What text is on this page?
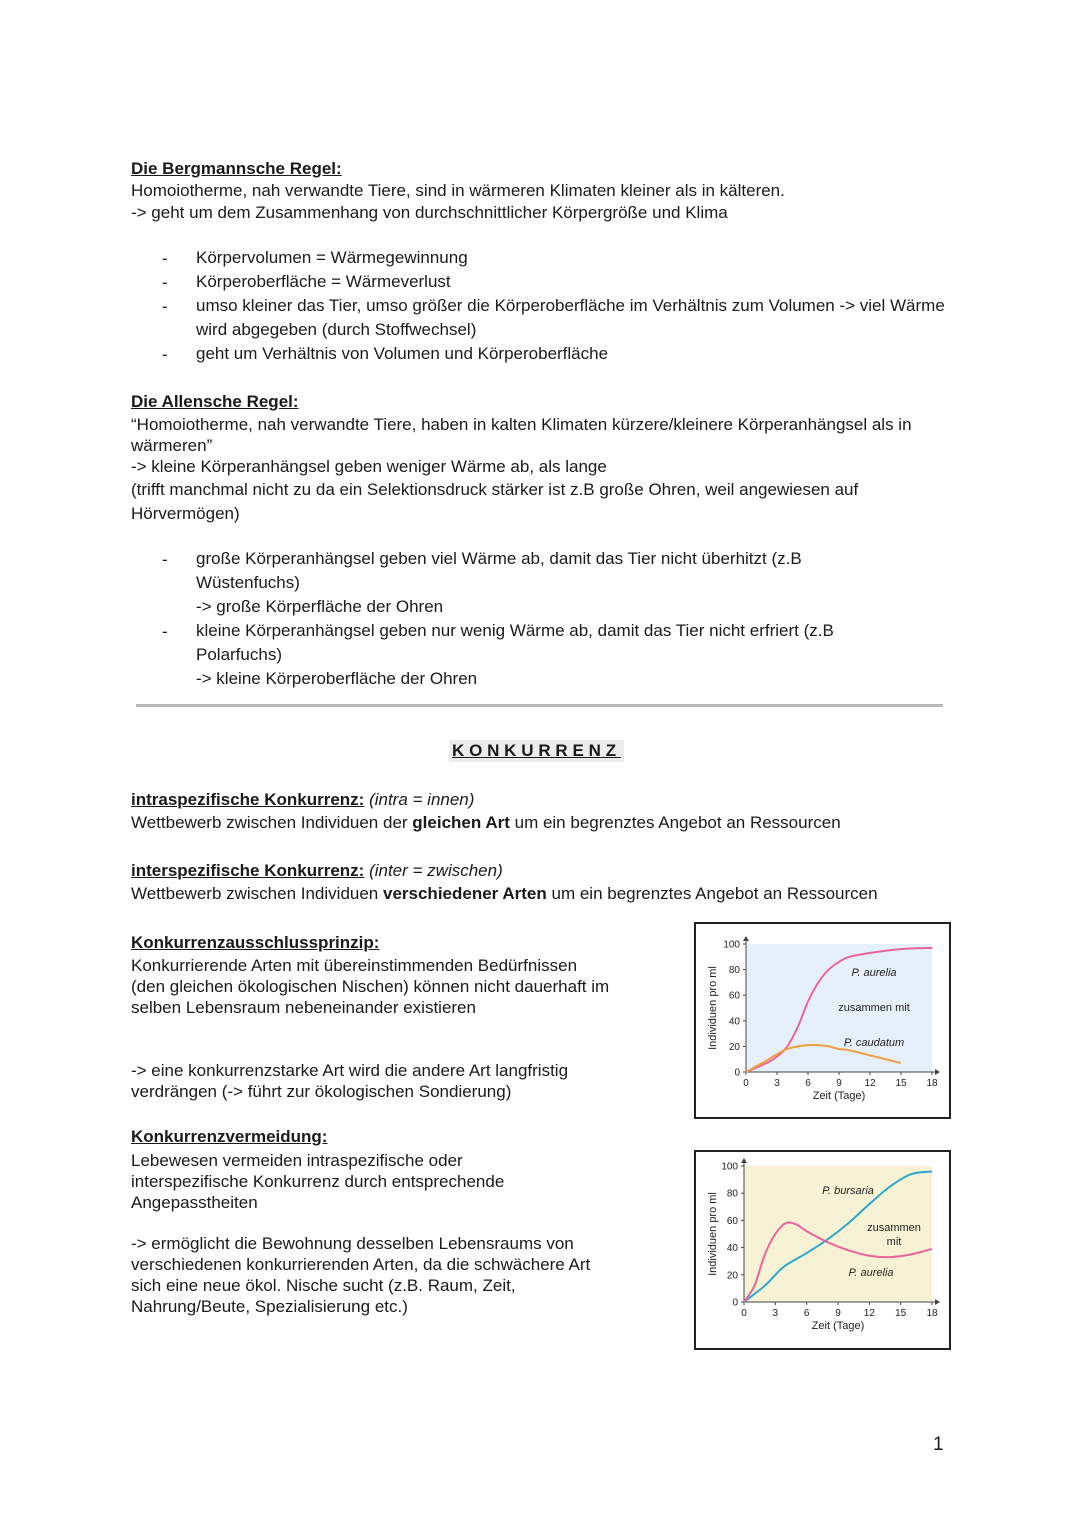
Die Bergmannsche Regel:
Homoiotherme, nah verwandte Tiere, sind in wärmeren Klimaten kleiner als in kälteren.
-> geht um dem Zusammenhang von durchschnittlicher Körpergröße und Klima
- Körpervolumen = Wärmegewinnung
- Körperoberfläche = Wärmeverlust
- umso kleiner das Tier, umso größer die Körperoberfläche im Verhältnis zum Volumen -> viel Wärme wird abgegeben (durch Stoffwechsel)
- geht um Verhältnis von Volumen und Körperoberfläche
Die Allensche Regel:
“Homoiotherme, nah verwandte Tiere, haben in kalten Klimaten kürzere/kleinere Körperanhängsel als in wärmeren”
-> kleine Körperanhängsel geben weniger Wärme ab, als lange
(trifft manchmal nicht zu da ein Selektionsdruck stärker ist z.B große Ohren, weil angewiesen auf Hörvermögen)
- große Körperanhängsel geben viel Wärme ab, damit das Tier nicht überhitzt (z.B Wüstenfuchs)
-> große Körperfläche der Ohren
- kleine Körperanhängsel geben nur wenig Wärme ab, damit das Tier nicht erfriert (z.B Polarfuchs)
-> kleine Körperoberfläche der Ohren
KONKURRENZ
intraspezifische Konkurrenz: (intra = innen)
Wettbewerb zwischen Individuen der gleichen Art um ein begrenztes Angebot an Ressourcen
interspezifische Konkurrenz: (inter = zwischen)
Wettbewerb zwischen Individuen verschiedener Arten um ein begrenztes Angebot an Ressourcen
Konkurrenzausschlussprinzip:
Konkurrierende Arten mit übereinstimmenden Bedürfnissen (den gleichen ökologischen Nischen) können nicht dauerhaft im selben Lebensraum nebeneinander existieren
-> eine konkurrenzstarke Art wird die andere Art langfristig verdrängen (-> führt zur ökologischen Sondierung)
Konkurrenzvermeidung:
Lebewesen vermeiden intraspezifische oder interspezifische Konkurrenz durch entsprechende Angepasstheiten
-> ermöglicht die Bewohnung desselben Lebensraums von verschiedenen konkurrierenden Arten, da die schwächere Art sich eine neue ökol. Nische sucht (z.B. Raum, Zeit, Nahrung/Beute, Spezialisierung etc.)
0	3	6	9 12 15 18
0
20
40
60
80
100
Zeit (Tage)
Individuen pro ml	P. aurelia
zusammen mit
P. caudatum
0	3	6	9 12 15 18
0
20
40
60
80
100
Zeit (Tage)
Individuen pro ml
P. bursaria
zusammen mit
P. aurelia
1
